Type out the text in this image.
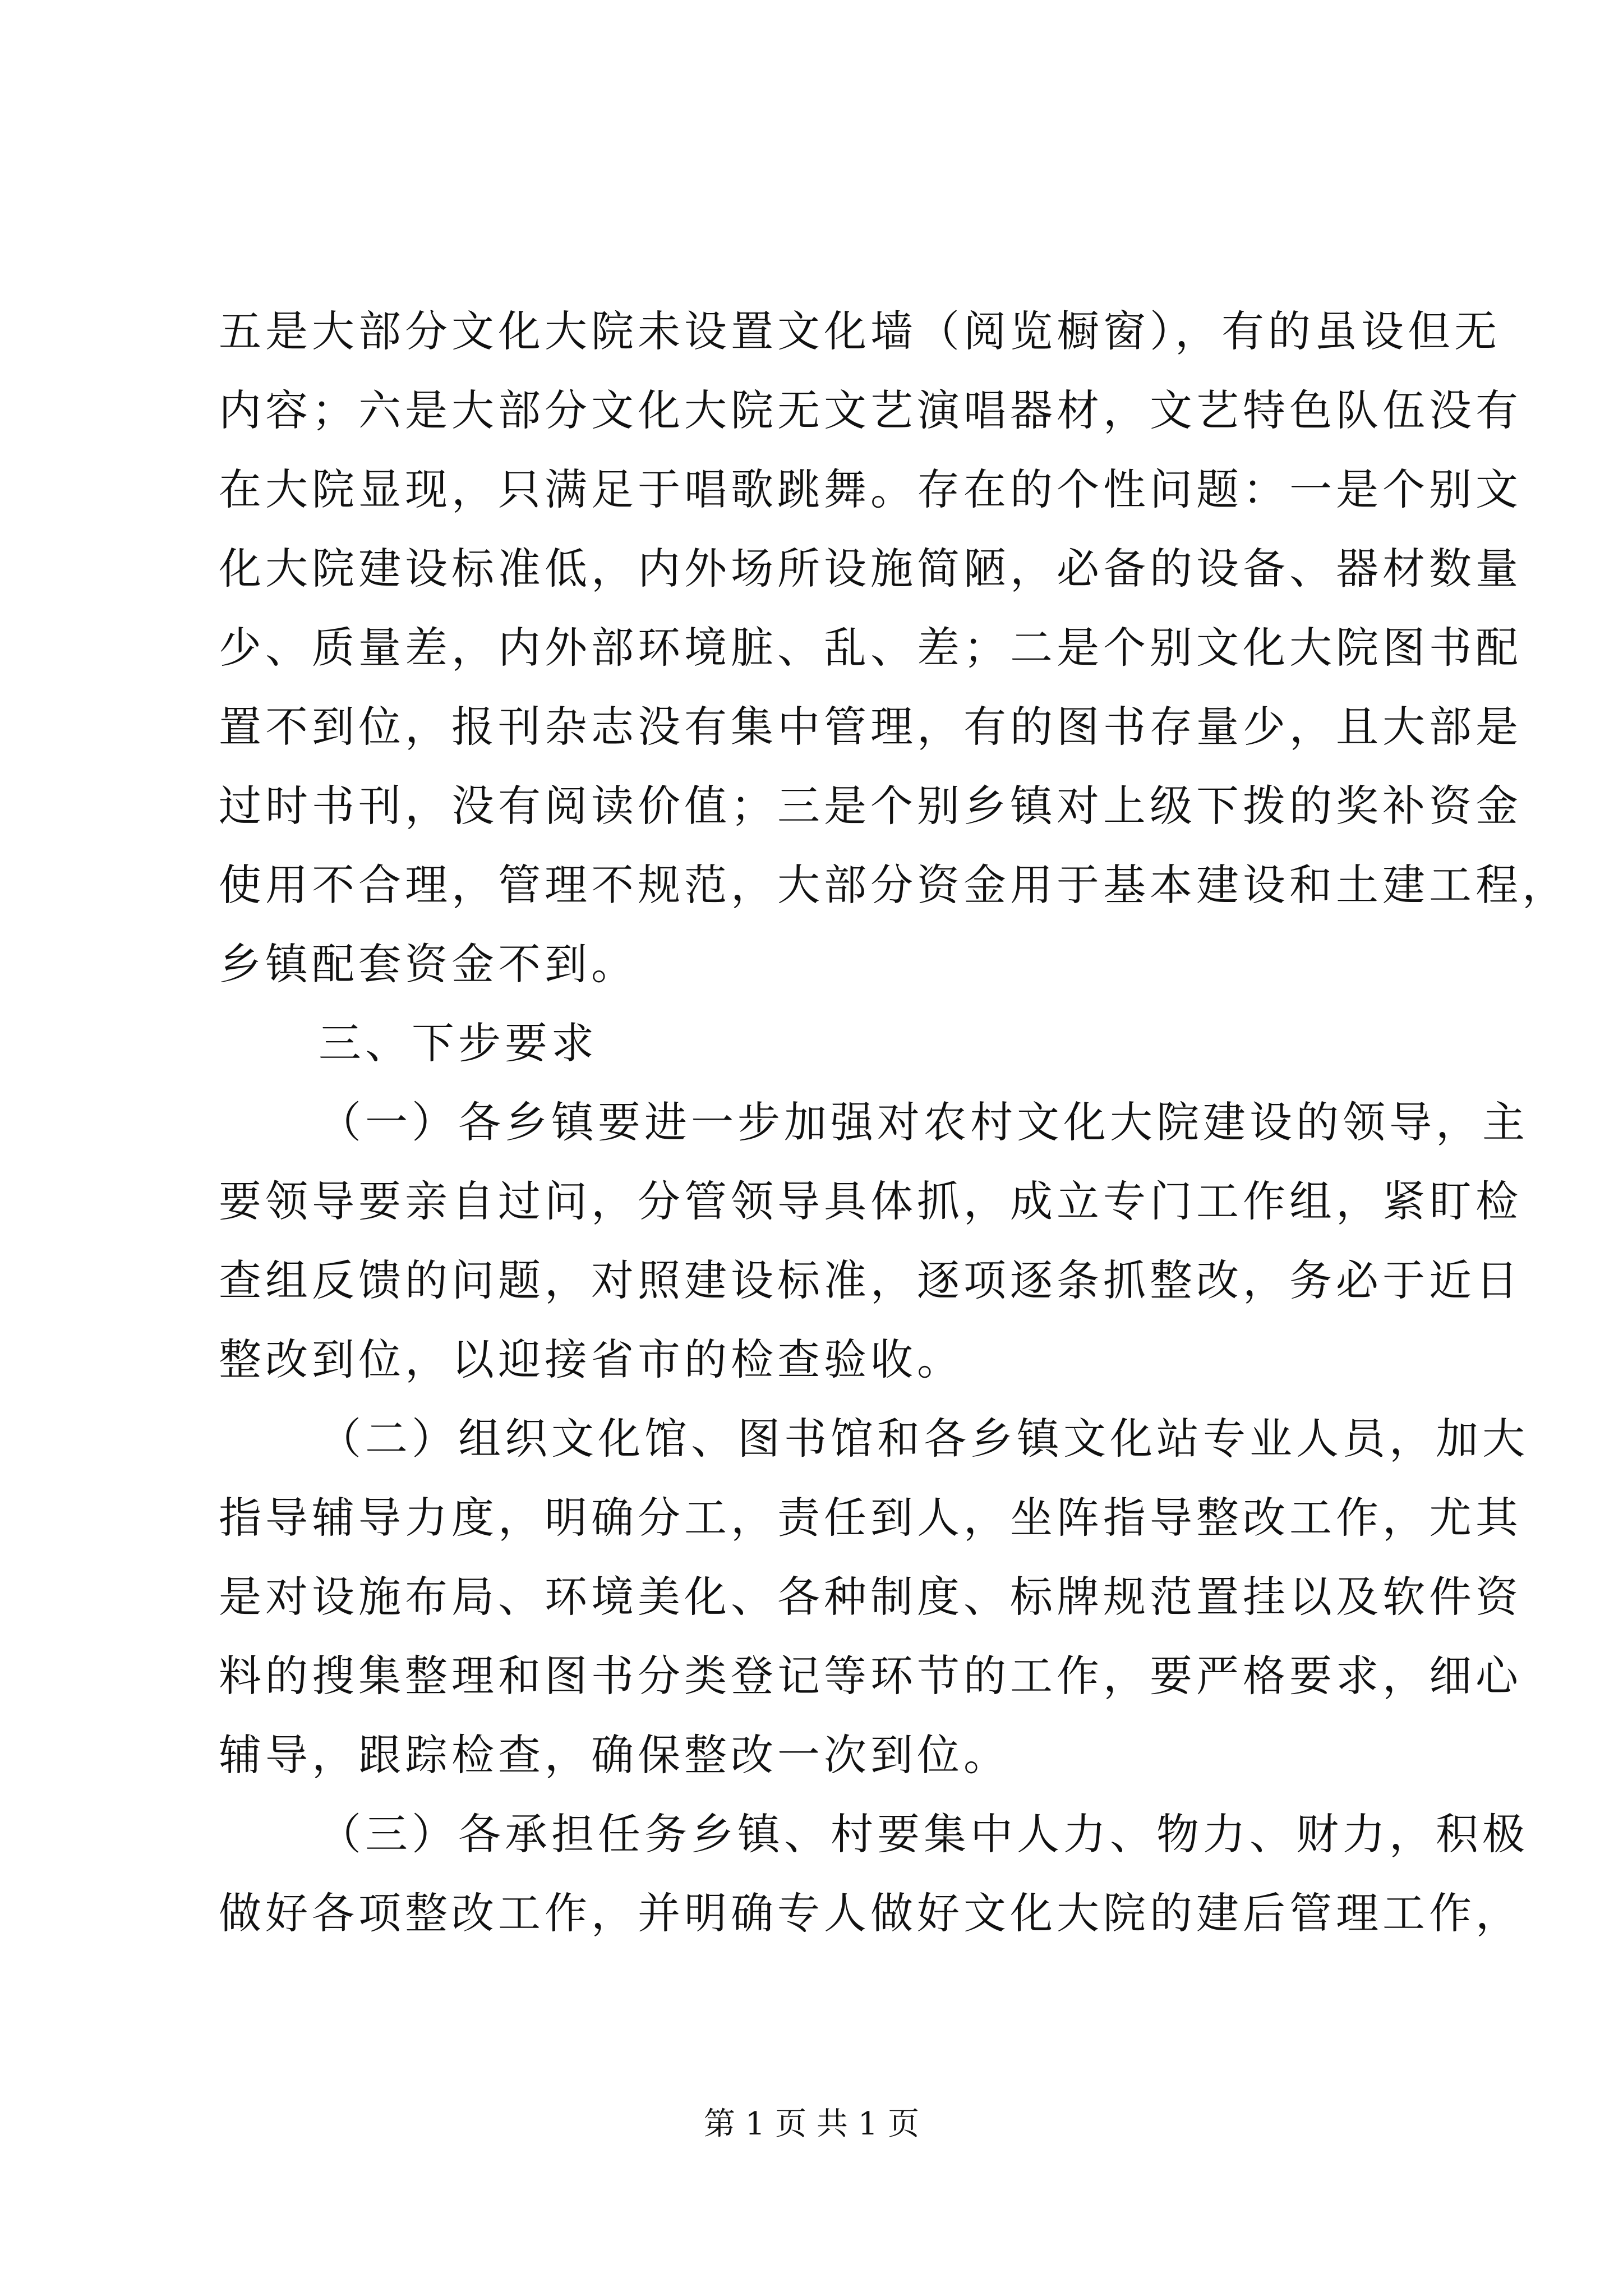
五是大部分文化大院未设置文化墙（阅览橱窗），有的虽设但无
内容；六是大部分文化大院无文艺演唱器材，文艺特色队伍没有
在大院显现，只满足于唱歌跳舞。存在的个性问题：一是个别文
化大院建设标准低，内外场所设施简陋，必备的设备、器材数量
少、质量差，内外部环境脏、乱、差；二是个别文化大院图书配
置不到位，报刊杂志没有集中管理，有的图书存量少，且大部是
过时书刊，没有阅读价值；三是个别乡镇对上级下拨的奖补资金
使用不合理，管理不规范，大部分资金用于基本建设和土建工程，
乡镇配套资金不到。
三、下步要求
（一）各乡镇要进一步加强对农村文化大院建设的领导，主
要领导要亲自过问，分管领导具体抓，成立专门工作组，紧盯检
查组反馈的问题，对照建设标准，逐项逐条抓整改，务必于近日
整改到位，以迎接省市的检查验收。
（二）组织文化馆、图书馆和各乡镇文化站专业人员，加大
指导辅导力度，明确分工，责任到人，坐阵指导整改工作，尤其
是对设施布局、环境美化、各种制度、标牌规范置挂以及软件资
料的搜集整理和图书分类登记等环节的工作，要严格要求，细心
辅导，跟踪检查，确保整改一次到位。
（三）各承担任务乡镇、村要集中人力、物力、财力，积极
做好各项整改工作，并明确专人做好文化大院的建后管理工作，
第 1 页 共 1 页
